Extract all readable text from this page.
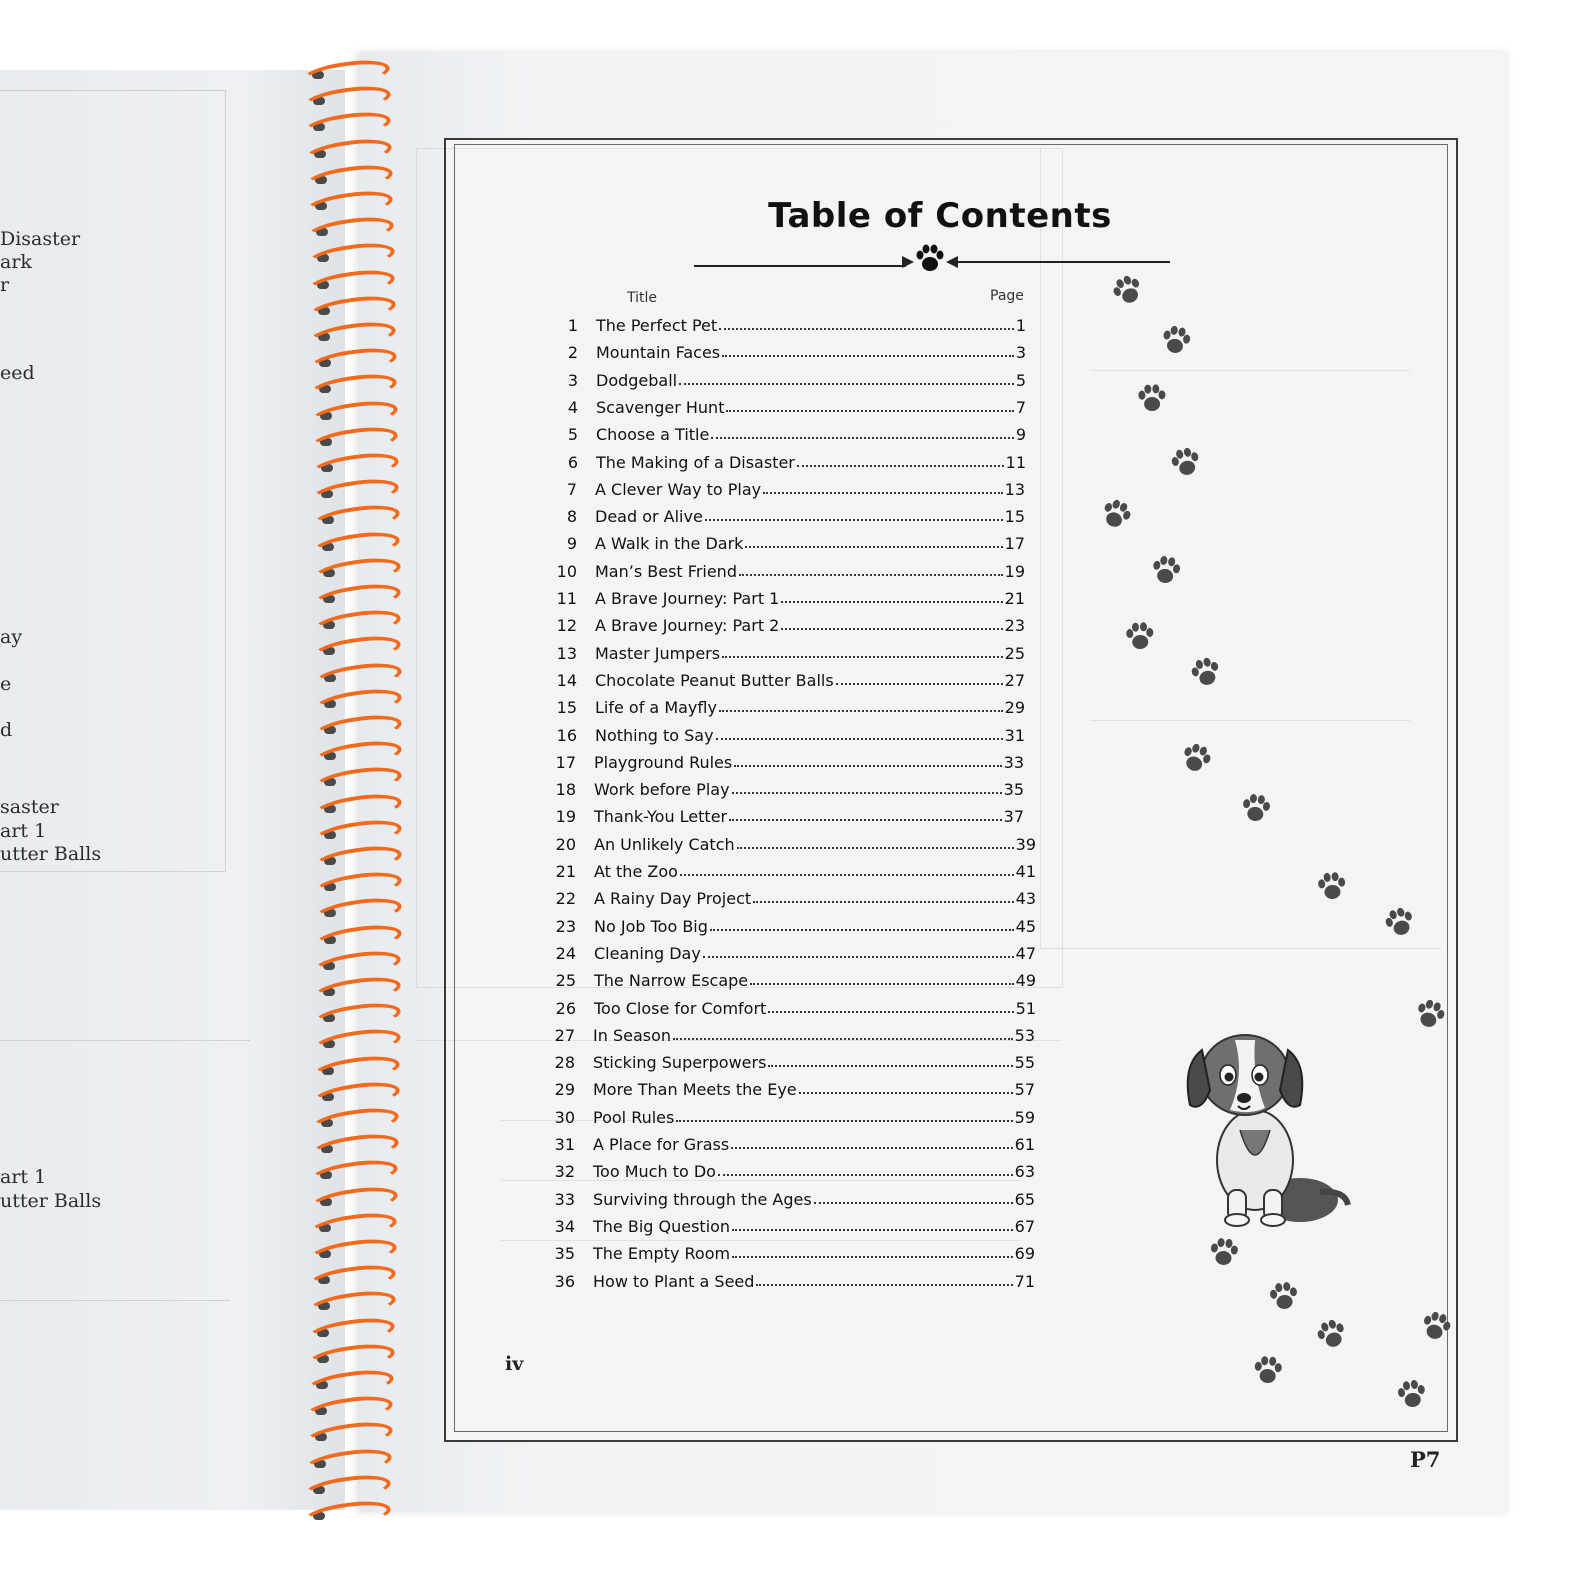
Disaster
ark
r
eed
ay
e
d
saster
art 1
utter Balls
art 1
utter Balls

P7
Table of Contents
Title	Page
1 The Perfect Pet	1
2 Mountain Faces	3
3 Dodgeball	5
4 Scavenger Hunt	7
5 Choose a Title	9
6 The Making of a Disaster	11
7 A Clever Way to Play	13
8 Dead or Alive	15
9 A Walk in the Dark	17
10 Man’s Best Friend	19
11 A Brave Journey: Part 1	21
12 A Brave Journey: Part 2	23
13 Master Jumpers	25
14 Chocolate Peanut Butter Balls	27
15 Life of a Mayfly	29
16 Nothing to Say	31
17 Playground Rules	33
18 Work before Play	35
19 Thank-You Letter	37
20 An Unlikely Catch	39
21 At the Zoo	41
22 A Rainy Day Project	43
23 No Job Too Big	45
24 Cleaning Day	47
25 The Narrow Escape	49
26 Too Close for Comfort	51
27 In Season	53
28 Sticking Superpowers	55
29 More Than Meets the Eye	57
30 Pool Rules	59
31 A Place for Grass	61
32 Too Much to Do	63
33 Surviving through the Ages	65
34 The Big Question	67
35 The Empty Room	69
36 How to Plant a Seed	71
iv
